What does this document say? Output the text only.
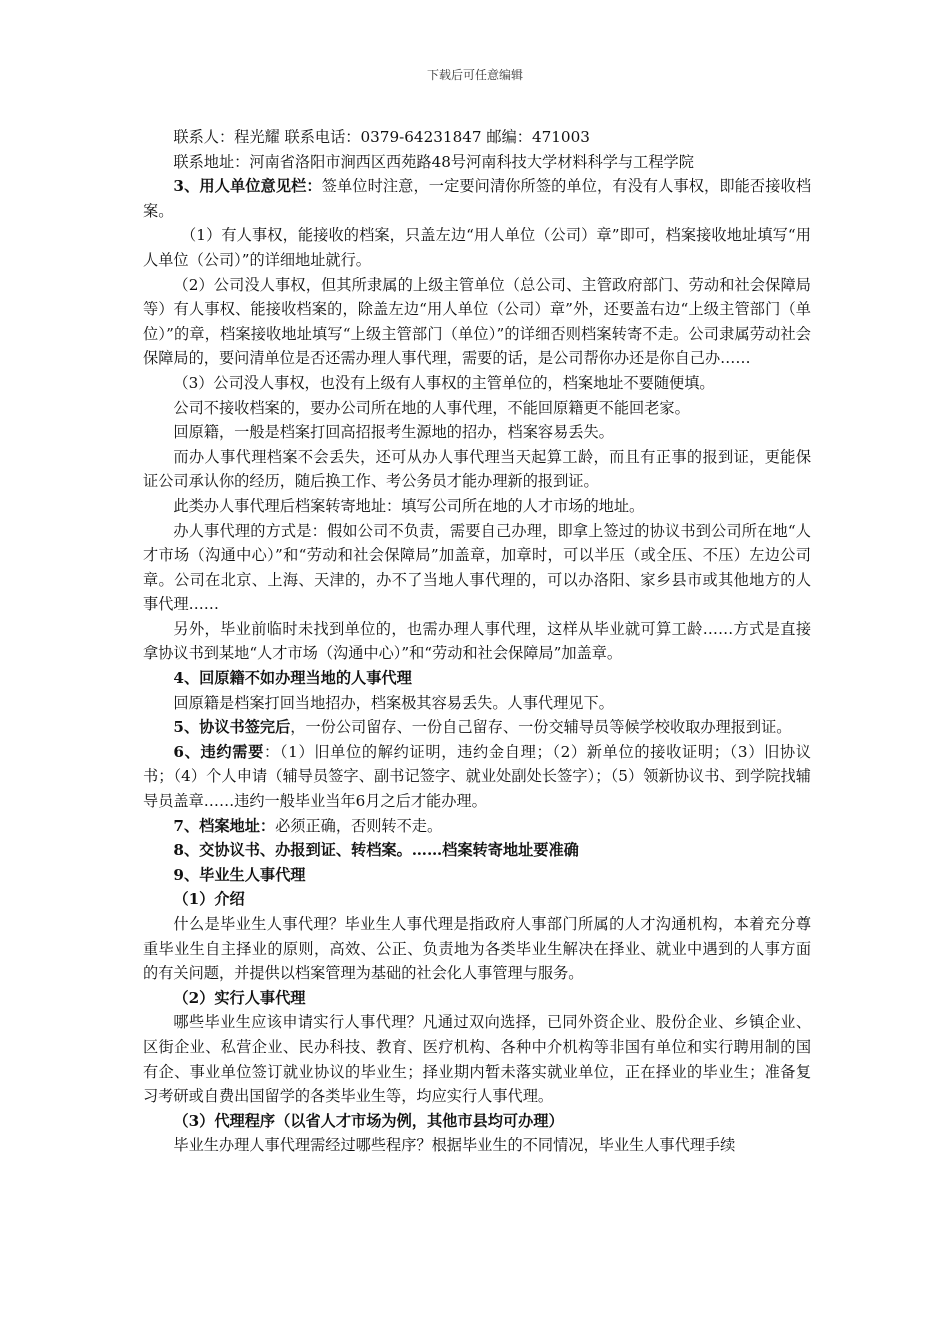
下载后可任意编辑

联系人：程光耀 联系电话：0379-64231847 邮编：471003

联系地址：河南省洛阳市涧西区西苑路48号河南科技大学材料科学与工程学院

3、用人单位意见栏：签单位时注意，一定要问清你所签的单位，有没有人事权，即能否接收档案。

（1）有人事权，能接收的档案，只盖左边“用人单位（公司）章”即可，档案接收地址填写“用人单位（公司）”的详细地址就行。

（2）公司没人事权，但其所隶属的上级主管单位（总公司、主管政府部门、劳动和社会保障局等）有人事权、能接收档案的，除盖左边“用人单位（公司）章”外，还要盖右边“上级主管部门（单位）”的章，档案接收地址填写“上级主管部门（单位）”的详细否则档案转寄不走。公司隶属劳动社会保障局的，要问清单位是否还需办理人事代理，需要的话，是公司帮你办还是你自己办……

（3）公司没人事权，也没有上级有人事权的主管单位的，档案地址不要随便填。

公司不接收档案的，要办公司所在地的人事代理，不能回原籍更不能回老家。

回原籍，一般是档案打回高招报考生源地的招办，档案容易丢失。

而办人事代理档案不会丢失，还可从办人事代理当天起算工龄，而且有正事的报到证，更能保证公司承认你的经历，随后换工作、考公务员才能办理新的报到证。

此类办人事代理后档案转寄地址：填写公司所在地的人才市场的地址。

办人事代理的方式是：假如公司不负责，需要自己办理，即拿上签过的协议书到公司所在地“人才市场（沟通中心）”和“劳动和社会保障局”加盖章，加章时，可以半压（或全压、不压）左边公司章。公司在北京、上海、天津的，办不了当地人事代理的，可以办洛阳、家乡县市或其他地方的人事代理……

另外，毕业前临时未找到单位的，也需办理人事代理，这样从毕业就可算工龄……方式是直接拿协议书到某地“人才市场（沟通中心）”和“劳动和社会保障局”加盖章。

4、回原籍不如办理当地的人事代理

回原籍是档案打回当地招办，档案极其容易丢失。人事代理见下。

5、协议书签完后，一份公司留存、一份自己留存、一份交辅导员等候学校收取办理报到证。

6、违约需要：（1）旧单位的解约证明，违约金自理；（2）新单位的接收证明；（3）旧协议书；（4）个人申请（辅导员签字、副书记签字、就业处副处长签字）；（5）领新协议书、到学院找辅导员盖章……违约一般毕业当年6月之后才能办理。

7、档案地址：必须正确，否则转不走。

8、交协议书、办报到证、转档案。……档案转寄地址要准确

9、毕业生人事代理

（1）介绍

什么是毕业生人事代理？毕业生人事代理是指政府人事部门所属的人才沟通机构，本着充分尊重毕业生自主择业的原则，高效、公正、负责地为各类毕业生解决在择业、就业中遇到的人事方面的有关问题，并提供以档案管理为基础的社会化人事管理与服务。

（2）实行人事代理

哪些毕业生应该申请实行人事代理？凡通过双向选择，已同外资企业、股份企业、乡镇企业、区街企业、私营企业、民办科技、教育、医疗机构、各种中介机构等非国有单位和实行聘用制的国有企、事业单位签订就业协议的毕业生；择业期内暂未落实就业单位，正在择业的毕业生；准备复习考研或自费出国留学的各类毕业生等，均应实行人事代理。

（3）代理程序（以省人才市场为例，其他市县均可办理）

毕业生办理人事代理需经过哪些程序？根据毕业生的不同情况，毕业生人事代理手续
